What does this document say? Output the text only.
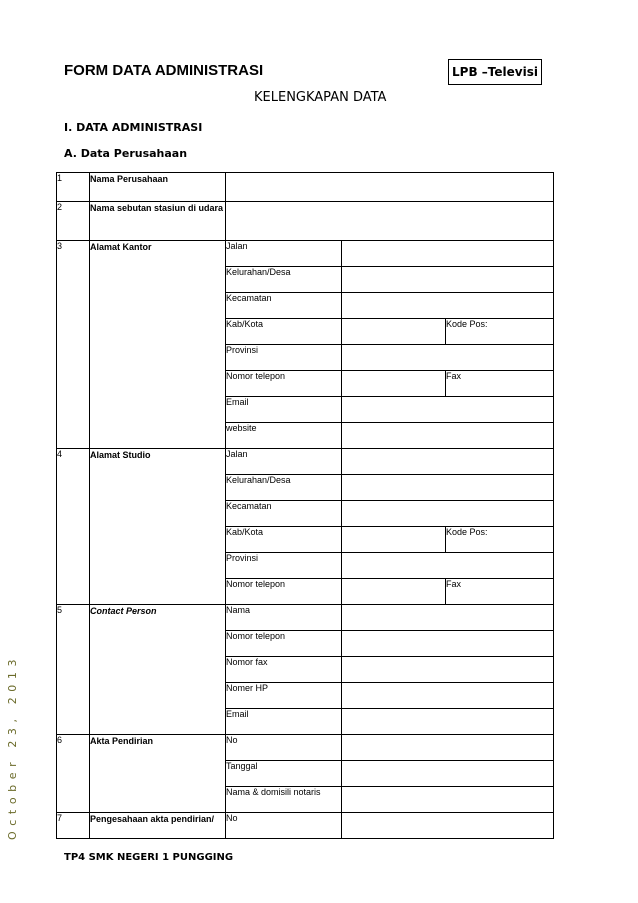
FORM DATA ADMINISTRASI	LPB –Televisi
KELENGKAPAN DATA
I. DATA ADMINISTRASI
A. Data Perusahaan
1	Nama Perusahaan			
2	Nama sebutan stasiun di udara			
3	Alamat Kantor	Jalan		
		Kelurahan/Desa		
		Kecamatan		
		Kab/Kota		Kode Pos:
		Provinsi		
		Nomor telepon		Fax
		Email		
		website		
4	Alamat Studio	Jalan		
		Kelurahan/Desa		
		Kecamatan		
		Kab/Kota		Kode Pos:
		Provinsi		
		Nomor telepon		Fax
5	Contact Person	Nama		
		Nomor telepon		
		Nomor fax		
		Nomer HP		
		Email		
6	Akta Pendirian	No		
		Tanggal		
		Nama & domisili notaris		
7	Pengesahaan akta pendirian/	No		
October 23, 2013
TP4 SMK NEGERI 1 PUNGGING
